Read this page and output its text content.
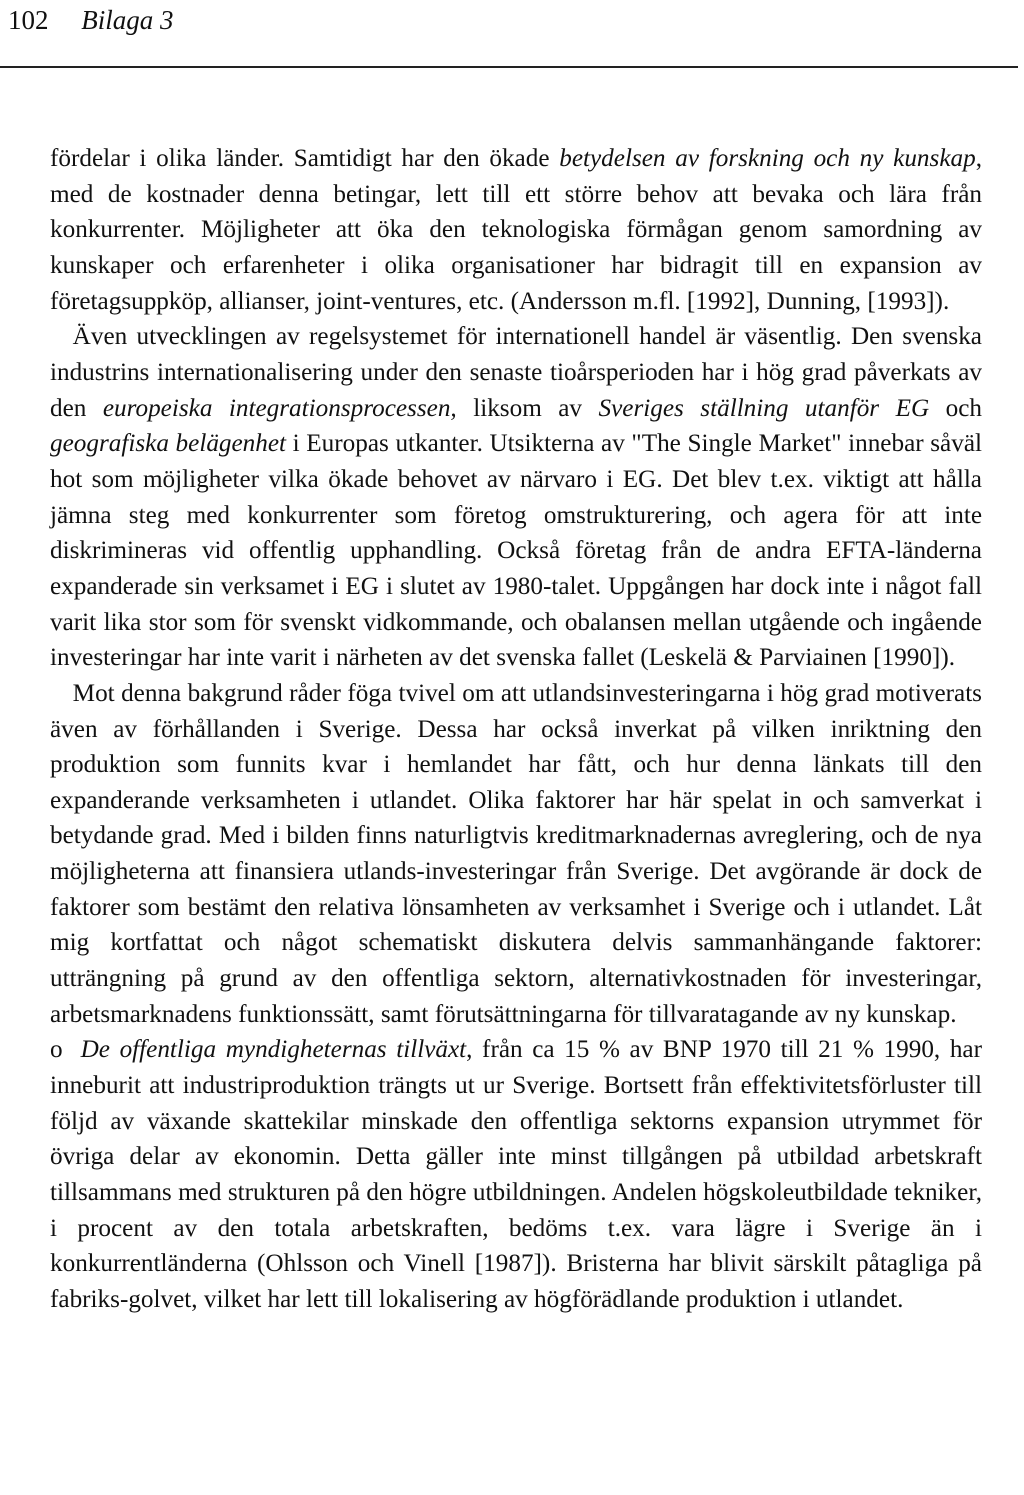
102 Bilaga 3

fördelar i olika länder. Samtidigt har den ökade betydelsen av forskning och ny kunskap, med de kostnader denna betingar, lett till ett större behov att bevaka och lära från konkurrenter. Möjligheter att öka den teknologiska förmågan genom samordning av kunskaper och erfarenheter i olika organisationer har bidragit till en expansion av företagsuppköp, allianser, joint-ventures, etc. (Andersson m.fl. [1992], Dunning, [1993]).

Även utvecklingen av regelsystemet för internationell handel är väsentlig. Den svenska industrins internationalisering under den senaste tioårsperioden har i hög grad påverkats av den europeiska integrationsprocessen, liksom av Sveriges ställning utanför EG och geografiska belägenhet i Europas utkanter. Utsikterna av "The Single Market" innebar såväl hot som möjligheter vilka ökade behovet av närvaro i EG. Det blev t.ex. viktigt att hålla jämna steg med konkurrenter som företog omstrukturering, och agera för att inte diskrimineras vid offentlig upphandling. Också företag från de andra EFTA-länderna expanderade sin verksamet i EG i slutet av 1980-talet. Uppgången har dock inte i något fall varit lika stor som för svenskt vidkommande, och obalansen mellan utgående och ingående investeringar har inte varit i närheten av det svenska fallet (Leskelä & Parviainen [1990]).

Mot denna bakgrund råder föga tvivel om att utlandsinvesteringarna i hög grad motiverats även av förhållanden i Sverige. Dessa har också inverkat på vilken inriktning den produktion som funnits kvar i hemlandet har fått, och hur denna länkats till den expanderande verksamheten i utlandet. Olika faktorer har här spelat in och samverkat i betydande grad. Med i bilden finns naturligtvis kreditmarknadernas avreglering, och de nya möjligheterna att finansiera utlands-investeringar från Sverige. Det avgörande är dock de faktorer som bestämt den relativa lönsamheten av verksamhet i Sverige och i utlandet. Låt mig kortfattat och något schematiskt diskutera delvis sammanhängande faktorer: utträngning på grund av den offentliga sektorn, alternativkostnaden för investeringar, arbetsmarknadens funktionssätt, samt förutsättningarna för tillvaratagande av ny kunskap.

o De offentliga myndigheternas tillväxt, från ca 15 % av BNP 1970 till 21 % 1990, har inneburit att industriproduktion trängts ut ur Sverige. Bortsett från effektivitetsförluster till följd av växande skattekilar minskade den offentliga sektorns expansion utrymmet för övriga delar av ekonomin. Detta gäller inte minst tillgången på utbildad arbetskraft tillsammans med strukturen på den högre utbildningen. Andelen högskoleutbildade tekniker, i procent av den totala arbetskraften, bedöms t.ex. vara lägre i Sverige än i konkurrentländerna (Ohlsson och Vinell [1987]). Bristerna har blivit särskilt påtagliga på fabriks-golvet, vilket har lett till lokalisering av högförädlande produktion i utlandet.
